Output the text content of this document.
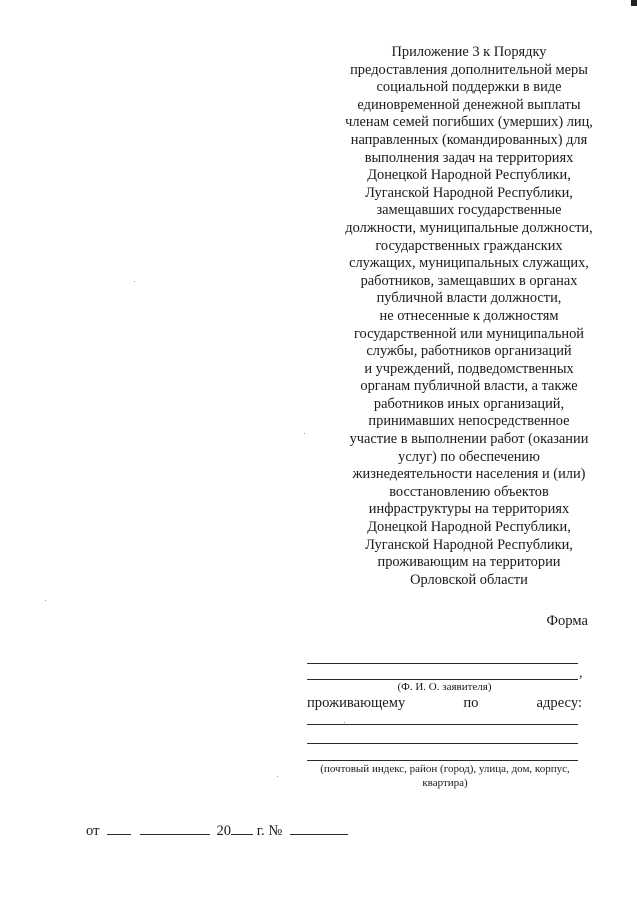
Приложение 3 к Порядку
предоставления дополнительной меры
социальной поддержки в виде
единовременной денежной выплаты
членам семей погибших (умерших) лиц,
направленных (командированных) для
выполнения задач на территориях
Донецкой Народной Республики,
Луганской Народной Республики,
замещавших государственные
должности, муниципальные должности,
государственных гражданских
служащих, муниципальных служащих,
работников, замещавших в органах
публичной власти должности,
не отнесенные к должностям
государственной или муниципальной
службы, работников организаций
и учреждений, подведомственных
органам публичной власти, а также
работников иных организаций,
принимавших непосредственное
участие в выполнении работ (оказании
услуг) по обеспечению
жизнедеятельности населения и (или)
восстановлению объектов
инфраструктуры на территориях
Донецкой Народной Республики,
Луганской Народной Республики,
проживающим на территории
Орловской области
Форма
,
(Ф. И. О. заявителя)
проживающему	по	адресу:
(почтовый индекс, район (город), улица, дом, корпус,
квартира)
от	20 г. №
